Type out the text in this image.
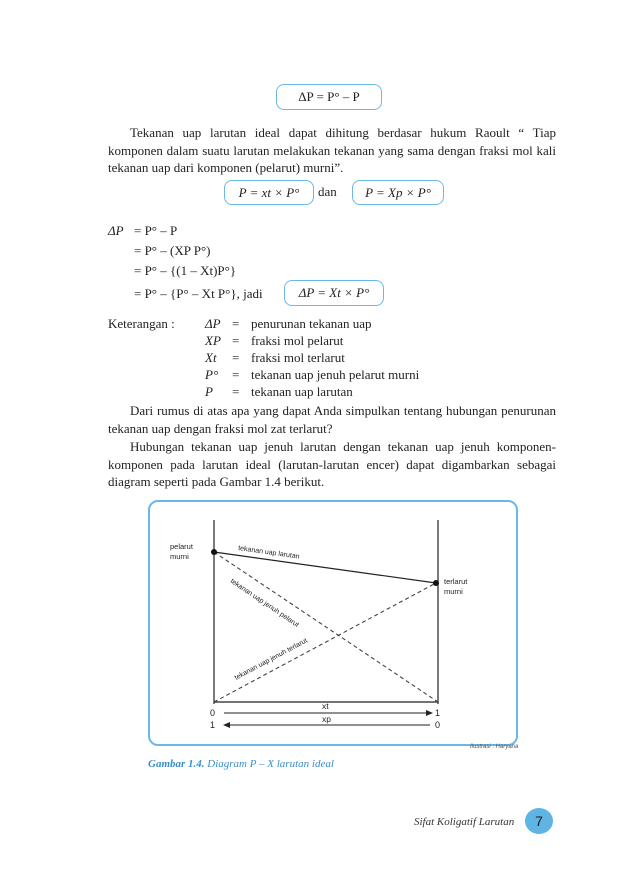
ΔP = P° – P
Tekanan uap larutan ideal dapat dihitung berdasar hukum Raoult “ Tiap komponen dalam suatu larutan melakukan tekanan yang sama dengan fraksi mol kali tekanan uap dari komponen (pelarut) murni”.
P = xt × P° dan P = Xp × P°
ΔP = P° – P
= P° – (XP P°)
= P° – {(1 – Xt)P°}
= P° – {P° – Xt P°}, jadi	ΔP = Xt × P°
Keterangan : ΔP = penurunan tekanan uap
XP = fraksi mol pelarut
Xt = fraksi mol terlarut
P° = tekanan uap jenuh pelarut murni
P = tekanan uap larutan
Dari rumus di atas apa yang dapat Anda simpulkan tentang hubungan penurunan tekanan uap dengan fraksi mol zat terlarut?
Hubungan tekanan uap jenuh larutan dengan tekanan uap jenuh komponen-komponen pada larutan ideal (larutan-larutan encer) dapat digambarkan sebagai diagram seperti pada Gambar 1.4 berikut.
pelarut
murni
terlarut
murni
tekanan uap larutan
tekanan uap jenuh pelarut
tekanan uap jenuh terlarut
0
1
1
0
xt
xp
Ilustrasi : Haryana
Gambar 1.4. Diagram P – X larutan ideal
Sifat Koligatif Larutan 7
